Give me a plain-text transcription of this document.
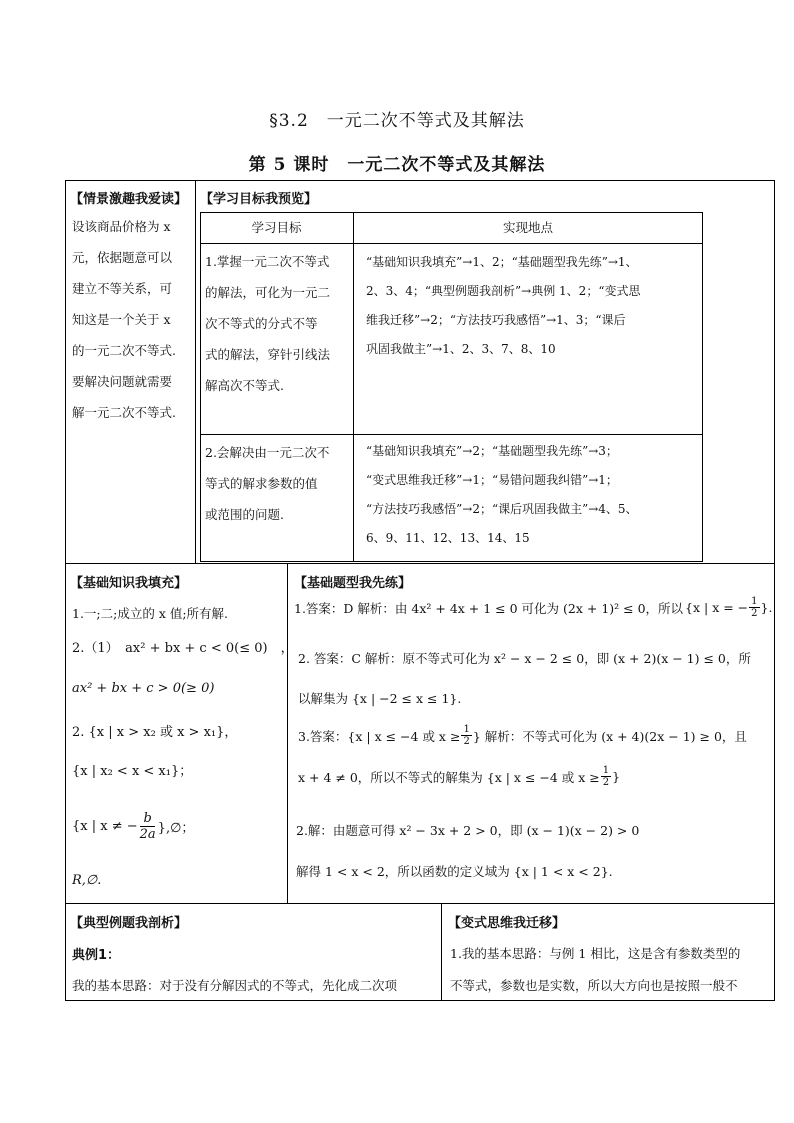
§3.2　一元二次不等式及其解法
第 5 课时　一元二次不等式及其解法
【情景激趣我爱读】
设该商品价格为 x
元，依据题意可以
建立不等关系，可
知这是一个关于 x
的一元二次不等式.
要解决问题就需要
解一元二次不等式.
【学习目标我预览】
学习目标	实现地点
1.掌握一元二次不等式
的解法，可化为一元二
次不等式的分式不等
式的解法，穿针引线法
解高次不等式.
“基础知识我填充”→1、2；“基础题型我先练”→1、
2、3、4；“典型例题我剖析”→典例 1、2；“变式思
维我迁移”→2；“方法技巧我感悟”→1、3；“课后
巩固我做主”→1、2、3、7、8、10
2.会解决由一元二次不
等式的解求参数的值
或范围的问题.
“基础知识我填充”→2；“基础题型我先练”→3；
“变式思维我迁移”→1；“易错问题我纠错”→1；
“方法技巧我感悟”→2；“课后巩固我做主”→4、5、
6、9、11、12、13、14、15
【基础知识我填充】
1.一;二;成立的 x 值;所有解.
2.（1）　ax² + bx + c < 0(≤ 0)　，
ax² + bx + c > 0(≥ 0)
2. {x | x > x₂ 或 x > x₁}，
{x | x₂ < x < x₁}；
{x | x ≠ − $\frac{b}{2a}$ },∅；
R,∅.
【基础题型我先练】
1.答案：D 解析：由 4x² + 4x + 1 ≤ 0 可化为 (2x + 1)² ≤ 0，所以 {x | x = − $\frac{1}{2}$ }.
2. 答案：C 解析：原不等式可化为 x² − x − 2 ≤ 0，即 (x + 2)(x − 1) ≤ 0，所
以解集为 {x | −2 ≤ x ≤ 1}.
3.答案：{x | x ≤ −4 或 $x \ge \frac{1}{2}$ } 解析：不等式可化为 (x + 4)(2x − 1) ≥ 0，且
x + 4 ≠ 0，所以不等式的解集为 {x | x ≤ −4 或 $x \ge \frac{1}{2}$ }
2.解：由题意可得 x² − 3x + 2 > 0，即 (x − 1)(x − 2) > 0
解得 1 < x < 2，所以函数的定义域为 {x | 1 < x < 2}.
【典型例题我剖析】
典例1：
我的基本思路：对于没有分解因式的不等式，先化成二次项
【变式思维我迁移】
1.我的基本思路：与例 1 相比，这是含有参数类型的
不等式，参数也是实数，所以大方向也是按照一般不
